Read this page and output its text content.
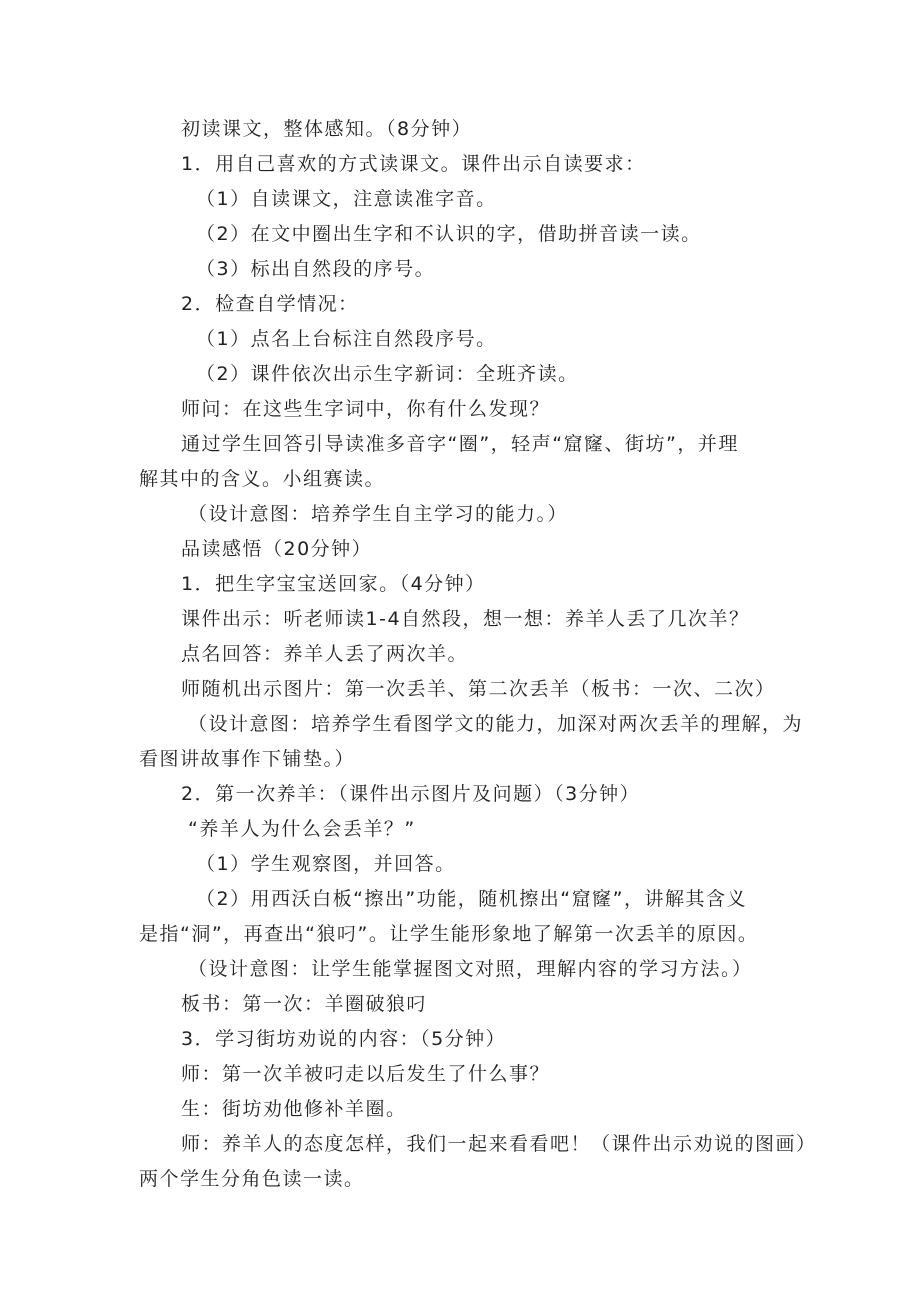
初读课文，整体感知。（8分钟）
1．用自己喜欢的方式读课文。课件出示自读要求：
（1）自读课文，注意读准字音。
（2）在文中圈出生字和不认识的字，借助拼音读一读。
（3）标出自然段的序号。
2．检查自学情况：
（1）点名上台标注自然段序号。
（2）课件依次出示生字新词：全班齐读。
师问：在这些生字词中，你有什么发现？
通过学生回答引导读准多音字“圈”，轻声“窟窿、街坊”，并理
解其中的含义。小组赛读。
（设计意图：培养学生自主学习的能力。）
品读感悟（20分钟）
1．把生字宝宝送回家。（4分钟）
课件出示：听老师读1-4自然段，想一想：养羊人丢了几次羊？
点名回答：养羊人丢了两次羊。
师随机出示图片：第一次丢羊、第二次丢羊（板书：一次、二次）
（设计意图：培养学生看图学文的能力，加深对两次丢羊的理解，为
看图讲故事作下铺垫。）
2．第一次养羊：（课件出示图片及问题）（3分钟）
“养羊人为什么会丢羊？”
（1）学生观察图，并回答。
（2）用西沃白板“擦出”功能，随机擦出“窟窿”，讲解其含义
是指“洞”，再查出“狼叼”。让学生能形象地了解第一次丢羊的原因。
（设计意图：让学生能掌握图文对照，理解内容的学习方法。）
板书：第一次：羊圈破狼叼
3．学习街坊劝说的内容：（5分钟）
师：第一次羊被叼走以后发生了什么事？
生：街坊劝他修补羊圈。
师：养羊人的态度怎样，我们一起来看看吧！（课件出示劝说的图画）
两个学生分角色读一读。
